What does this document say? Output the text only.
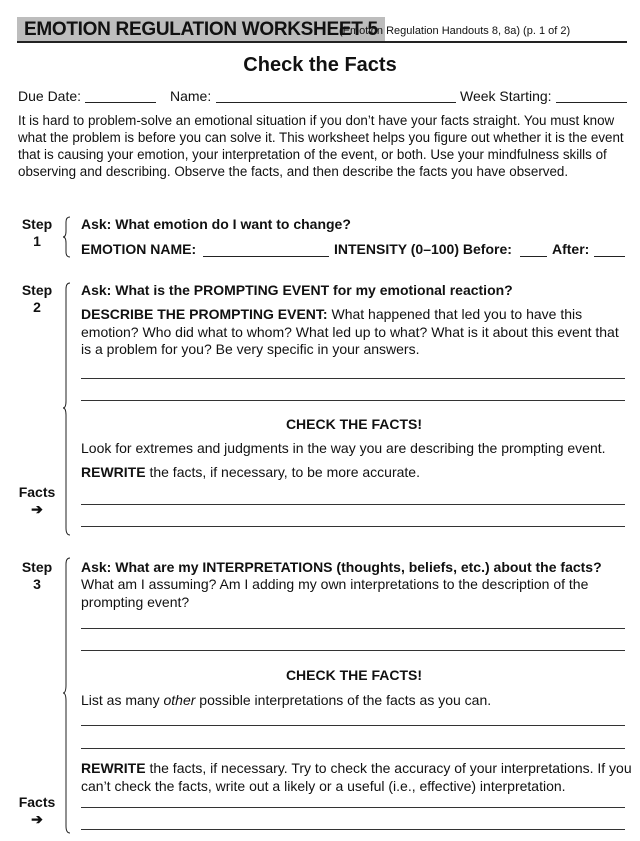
EMOTION REGULATION WORKSHEET 5
(Emotion Regulation Handouts 8, 8a) (p. 1 of 2)
Check the Facts
Due Date:	Name:	Week Starting:
It is hard to problem-solve an emotional situation if you don’t have your facts straight. You must know what the problem is before you can solve it. This worksheet helps you figure out whether it is the event that is causing your emotion, your interpretation of the event, or both. Use your mindfulness skills of observing and describing. Observe the facts, and then describe the facts you have observed.
Step
1
Ask: What emotion do I want to change?
EMOTION NAME:	INTENSITY (0–100) Before:	After:
Step
2
Ask: What is the PROMPTING EVENT for my emotional reaction?
DESCRIBE THE PROMPTING EVENT: What happened that led you to have this emotion? Who did what to whom? What led up to what? What is it about this event that is a problem for you? Be very specific in your answers.
CHECK THE FACTS!
Look for extremes and judgments in the way you are describing the prompting event.
REWRITE the facts, if necessary, to be more accurate.
Facts
➔
Step
3
Ask: What are my INTERPRETATIONS (thoughts, beliefs, etc.) about the facts?
What am I assuming? Am I adding my own interpretations to the description of the prompting event?
CHECK THE FACTS!
List as many other possible interpretations of the facts as you can.
REWRITE the facts, if necessary. Try to check the accuracy of your interpretations. If you can’t check the facts, write out a likely or a useful (i.e., effective) interpretation.
Facts
➔
